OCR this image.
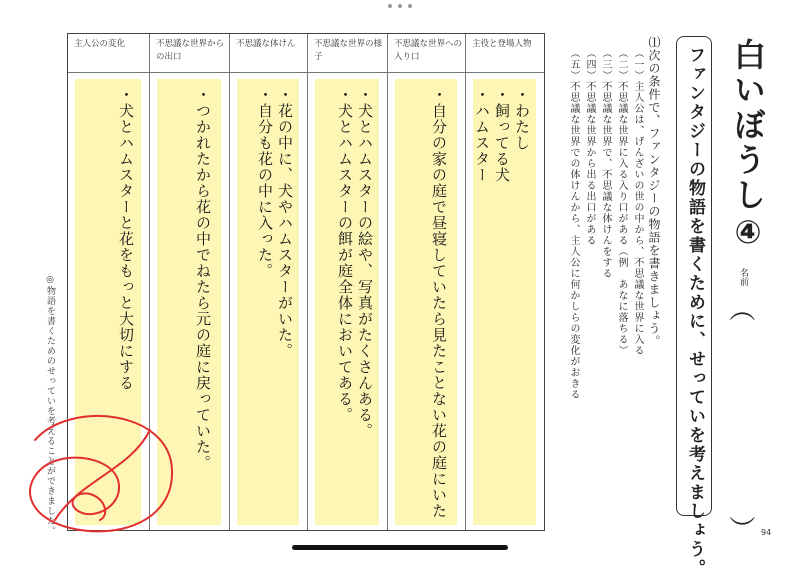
主人公の変化
・犬とハムスターと花をもっと大切にする
不思議な世界からの出口
・つかれたから花の中でねたら元の庭に戻っていた。
不思議な体けん
・花の中に、犬やハムスターがいた。
・自分も花の中に入った。
不思議な世界の様子
・犬とハムスターの絵や、写真がたくさんある。
・犬とハムスターの餌が庭全体においてある。
不思議な世界への入り口
・自分の家の庭で昼寝していたら見たことない花の庭にいた
主役と登場人物
・わたし
・飼ってる犬
・ハムスター
◎物語を書くためのせっていを考えることができました。
⑴次の条件で、ファンタジーの物語を書きましょう。
（一）主人公は、げんざいの世の中から、不思議な世界に入る
（二）不思議な世界に入る入り口がある（例　あなに落ちる）
（三）不思議な世界で、不思議な体けんをする
（四）不思議な世界から出る出口がある
（五）不思議な世界での体けんから、主人公に何かしらの変化がおきる	ファンタジーの物語を書くために、せっていを考えましょう。 白いぼうし④
名前
（
） 94
